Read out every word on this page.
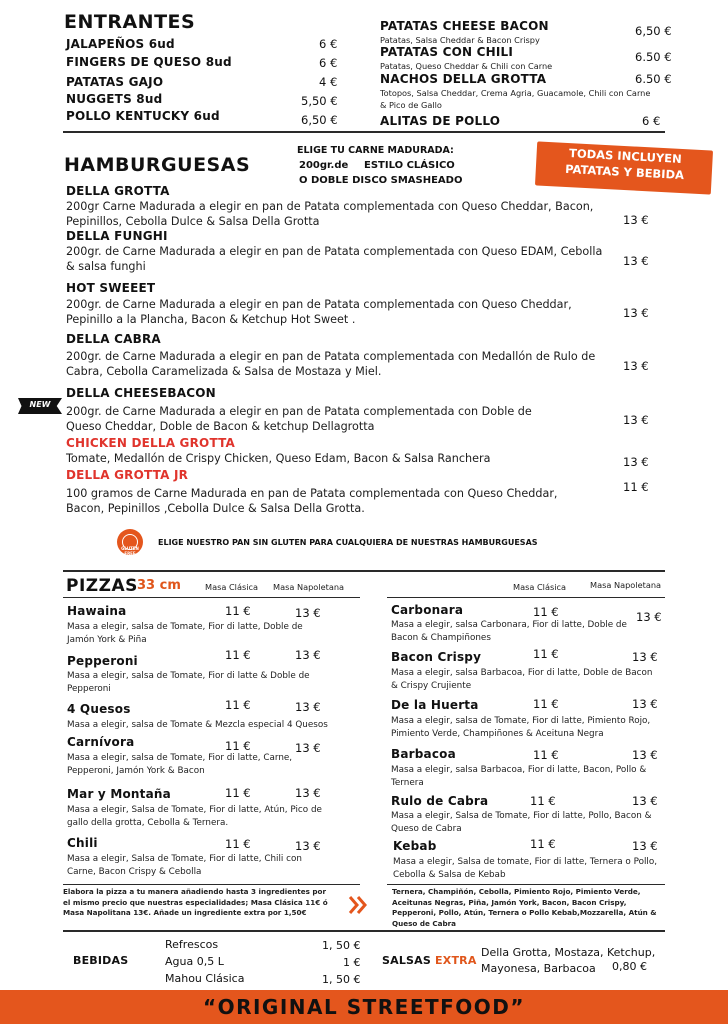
ENTRANTES
JALAPEÑOS 6ud	6 €
FINGERS DE QUESO 8ud	6 €
PATATAS GAJO	4 €
NUGGETS 8ud	5,50 €
POLLO KENTUCKY 6ud	6,50 €
PATATAS CHEESE BACON
Patatas, Salsa Cheddar & Bacon Crispy
6,50 €
PATATAS CON CHILI
Patatas, Queso Cheddar & Chili con Carne
6.50 €
NACHOS DELLA GROTTA
Totopos, Salsa Cheddar, Crema Agria, Guacamole, Chili con Carne
& Pico de Gallo
6.50 €
ALITAS DE POLLO	6 €
HAMBURGUESAS
ELIGE TU CARNE MADURADA:
200gr.de ESTILO CLÁSICO
O DOBLE DISCO SMASHEADO
TODAS INCLUYEN
PATATAS Y BEBIDA
DELLA GROTTA
200gr Carne Madurada a elegir en pan de Patata complementada con Queso Cheddar, Bacon, Pepinillos, Cebolla Dulce & Salsa Della Grotta	13 €
DELLA FUNGHI
200gr. de Carne Madurada a elegir en pan de Patata complementada con Queso EDAM, Cebolla & salsa funghi	13 €
HOT SWEEET
200gr. de Carne Madurada a elegir en pan de Patata complementada con Queso Cheddar, Pepinillo a la Plancha, Bacon & Ketchup Hot Sweet .	13 €
DELLA CABRA
200gr. de Carne Madurada a elegir en pan de Patata complementada con Medallón de Rulo de Cabra, Cebolla Caramelizada & Salsa de Mostaza y Miel.	13 €
DELLA CHEESEBACON
NEW
200gr. de Carne Madurada a elegir en pan de Patata complementada con Doble de Queso Cheddar, Doble de Bacon & ketchup Dellagrotta	13 €
CHICKEN DELLA GROTTA
Tomate, Medallón de Crispy Chicken, Queso Edam, Bacon & Salsa Ranchera	13 €
DELLA GROTTA JR
100 gramos de Carne Madurada en pan de Patata complementada con Queso Cheddar, Bacon, Pepinillos ,Cebolla Dulce & Salsa Della Grotta.
11 €
GLUTEN FREE
ELIGE NUESTRO PAN SIN GLUTEN PARA CUALQUIERA DE NUESTRAS HAMBURGUESAS
PIZZAS 33 cm	Masa Clásica Masa Napoletana	Masa Clásica	Masa Napoletana
Hawaina	11 €	13 €
Masa a elegir, salsa de Tomate, Fior di latte, Doble de Jamón York & Piña
Pepperoni	11 €	13 €
Masa a elegir, salsa de Tomate, Fior di latte & Doble de Pepperoni
4 Quesos	11 €	13 €
Masa a elegir, salsa de Tomate & Mezcla especial 4 Quesos
Carnívora	11 €	13 €
Masa a elegir, salsa de Tomate, Fior di latte, Carne, Pepperoni, Jamón York & Bacon
Mar y Montaña	11 €	13 €
Masa a elegir, Salsa de Tomate, Fior di latte, Atún, Pico de gallo della grotta, Cebolla & Ternera.
Chili	11 €	13 €
Masa a elegir, Salsa de Tomate, Fior di latte, Chili con Carne, Bacon Crispy & Cebolla
Carbonara	11 €	13 €
Masa a elegir, salsa Carbonara, Fior di latte, Doble de Bacon & Champiñones
Bacon Crispy	11 €	13 €
Masa a elegir, salsa Barbacoa, Fior di latte, Doble de Bacon & Crispy Crujiente
De la Huerta	11 €	13 €
Masa a elegir, salsa de Tomate, Fior di latte, Pimiento Rojo, Pimiento Verde, Champiñones & Aceituna Negra
Barbacoa	11 €	13 €
Masa a elegir, salsa Barbacoa, Fior di latte, Bacon, Pollo & Ternera
Rulo de Cabra	11 €	13 €
Masa a elegir, Salsa de Tomate, Fior di latte, Pollo, Bacon & Queso de Cabra
Kebab	11 €	13 €
Masa a elegir, Salsa de tomate, Fior di latte, Ternera o Pollo, Cebolla & Salsa de Kebab
Elabora la pizza a tu manera añadiendo hasta 3 ingredientes por el mismo precio que nuestras especialidades; Masa Clásica 11€ ó Masa Napolitana 13€. Añade un ingrediente extra por 1,50€
Ternera, Champiñón, Cebolla, Pimiento Rojo, Pimiento Verde, Aceitunas Negras, Piña, Jamón York, Bacon, Bacon Crispy, Pepperoni, Pollo, Atún, Ternera o Pollo Kebab,Mozzarella, Atún & Queso de Cabra
BEBIDAS
Refrescos	1, 50 €
Agua 0,5 L	1 €
Mahou Clásica	1, 50 €
SALSAS EXTRA
Della Grotta, Mostaza, Ketchup,
Mayonesa, Barbacoa 0,80 €
“ORIGINAL STREETFOOD”
